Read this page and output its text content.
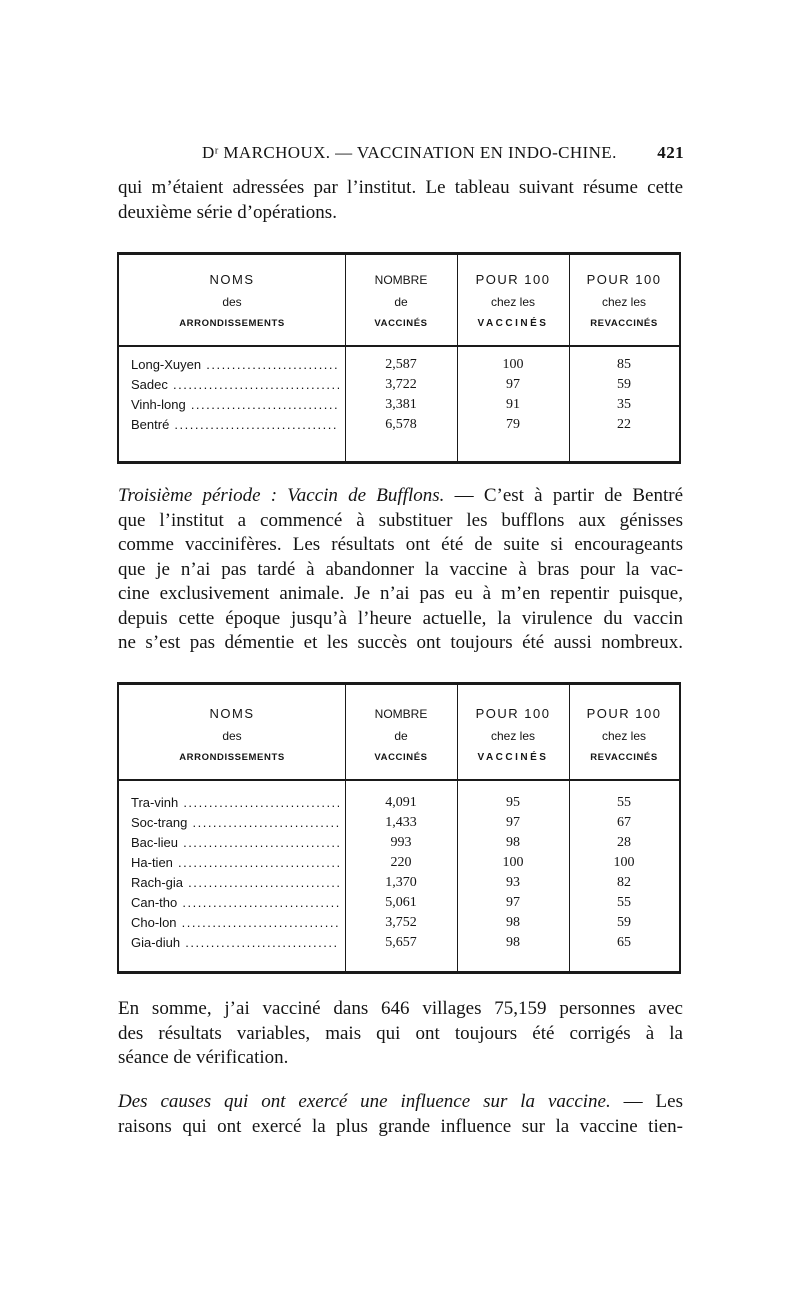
Dʳ MARCHOUX. — VACCINATION EN INDO-CHINE. 421
qui m’étaient adressées par l’institut. Le tableau suivant résume cette
deuxième série d’opérations.
NOMS
des
ARRONDISSEMENTS
NOMBRE
de
VACCINÉS
POUR 100
chez les
VACCINÉS
POUR 100
chez les
REVACCINÉS
Long-Xuyen .....	2,587	100	85
Sadec .....	3,722	97	59
Vinh-long .....	3,381	91	35
Bentré .....	6,578	79	22
Troisième période : Vaccin de Bufflons. — C’est à partir de Bentré
que l’institut a commencé à substituer les bufflons aux génisses
comme vaccinifères. Les résultats ont été de suite si encourageants
que je n’ai pas tardé à abandonner la vaccine à bras pour la vac-
cine exclusivement animale. Je n’ai pas eu à m’en repentir puisque,
depuis cette époque jusqu’à l’heure actuelle, la virulence du vaccin
ne s’est pas démentie et les succès ont toujours été aussi nombreux.
NOMS
des
ARRONDISSEMENTS
NOMBRE
de
VACCINÉS
POUR 100
chez les
VACCINÉS
POUR 100
chez les
REVACCINÉS
Tra-vinh .....	4,091	95	55
Soc-trang .....	1,433	97	67
Bac-lieu .....	993	98	28
Ha-tien .....	220	100	100
Rach-gia .....	1,370	93	82
Can-tho .....	5,061	97	55
Cho-lon .....	3,752	98	59
Gia-diuh .....	5,657	98	65
En somme, j’ai vacciné dans 646 villages 75,159 personnes avec
des résultats variables, mais qui ont toujours été corrigés à la
séance de vérification.
Des causes qui ont exercé une influence sur la vaccine. — Les
raisons qui ont exercé la plus grande influence sur la vaccine tien-
